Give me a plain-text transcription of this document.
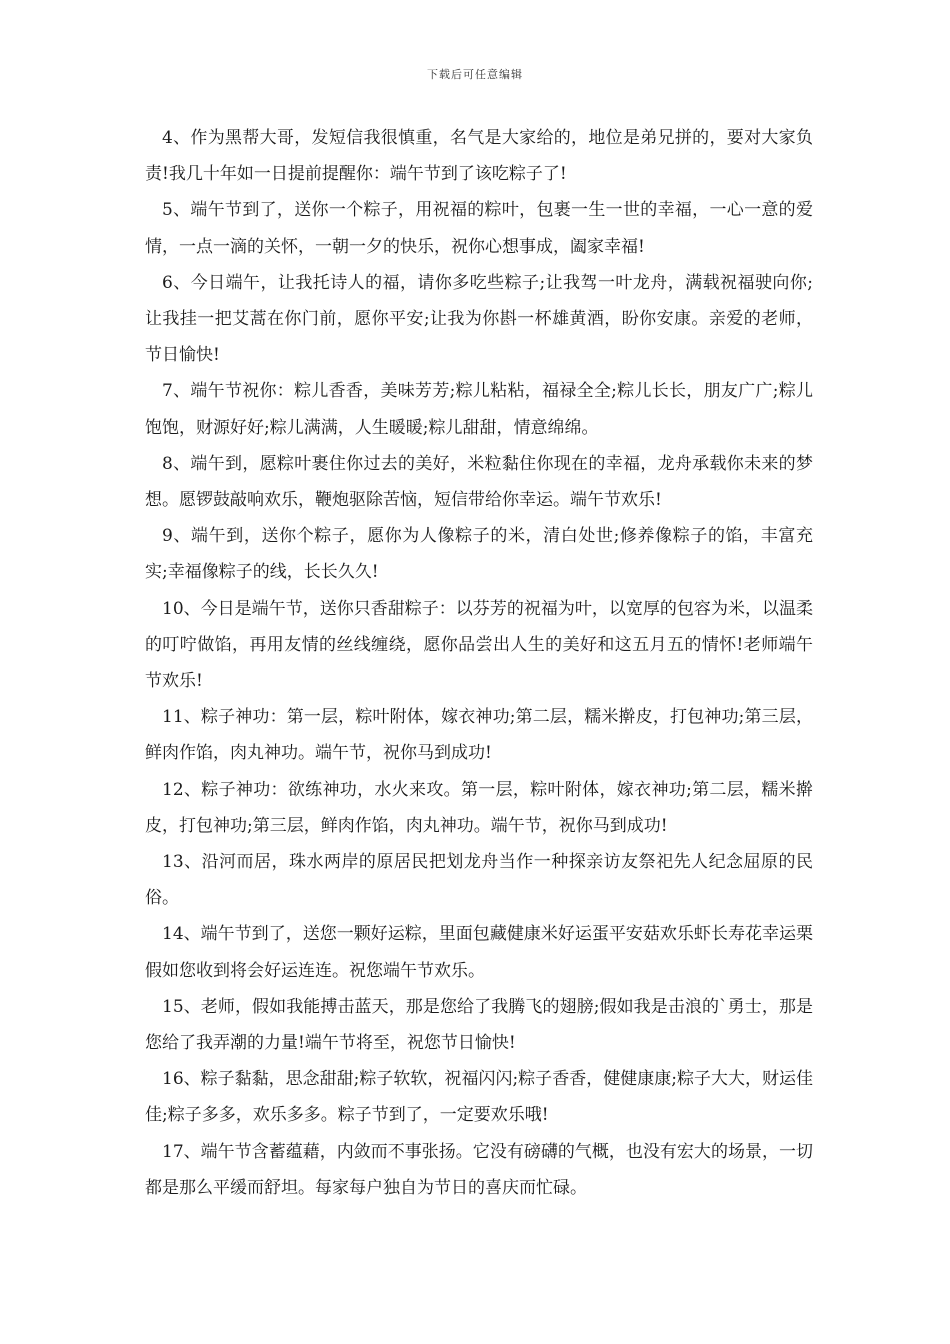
下载后可任意编辑

4、作为黑帮大哥，发短信我很慎重，名气是大家给的，地位是弟兄拼的，要对大家负责!我几十年如一日提前提醒你：端午节到了该吃粽子了!

5、端午节到了，送你一个粽子，用祝福的粽叶，包裹一生一世的幸福，一心一意的爱情，一点一滴的关怀，一朝一夕的快乐，祝你心想事成，阖家幸福!

6、今日端午，让我托诗人的福，请你多吃些粽子;让我驾一叶龙舟，满载祝福驶向你;让我挂一把艾蒿在你门前，愿你平安;让我为你斟一杯雄黄酒，盼你安康。亲爱的老师，节日愉快!

7、端午节祝你：粽儿香香，美味芳芳;粽儿粘粘，福禄全全;粽儿长长，朋友广广;粽儿饱饱，财源好好;粽儿满满，人生暖暖;粽儿甜甜，情意绵绵。

8、端午到，愿粽叶裹住你过去的美好，米粒黏住你现在的幸福，龙舟承载你未来的梦想。愿锣鼓敲响欢乐，鞭炮驱除苦恼，短信带给你幸运。端午节欢乐!

9、端午到，送你个粽子，愿你为人像粽子的米，清白处世;修养像粽子的馅，丰富充实;幸福像粽子的线，长长久久!

10、今日是端午节，送你只香甜粽子：以芬芳的祝福为叶，以宽厚的包容为米，以温柔的叮咛做馅，再用友情的丝线缠绕，愿你品尝出人生的美好和这五月五的情怀!老师端午节欢乐!

11、粽子神功：第一层，粽叶附体，嫁衣神功;第二层，糯米擀皮，打包神功;第三层，鲜肉作馅，肉丸神功。端午节，祝你马到成功!

12、粽子神功：欲练神功，水火来攻。第一层，粽叶附体，嫁衣神功;第二层，糯米擀皮，打包神功;第三层，鲜肉作馅，肉丸神功。端午节，祝你马到成功!

13、沿河而居，珠水两岸的原居民把划龙舟当作一种探亲访友祭祀先人纪念屈原的民俗。

14、端午节到了，送您一颗好运粽，里面包藏健康米好运蛋平安菇欢乐虾长寿花幸运栗假如您收到将会好运连连。祝您端午节欢乐。

15、老师，假如我能搏击蓝天，那是您给了我腾飞的翅膀;假如我是击浪的`勇士，那是您给了我弄潮的力量!端午节将至，祝您节日愉快!

16、粽子黏黏，思念甜甜;粽子软软，祝福闪闪;粽子香香，健健康康;粽子大大，财运佳佳;粽子多多，欢乐多多。粽子节到了，一定要欢乐哦!

17、端午节含蓄蕴藉，内敛而不事张扬。它没有磅礴的气概，也没有宏大的场景，一切都是那么平缓而舒坦。每家每户独自为节日的喜庆而忙碌。
